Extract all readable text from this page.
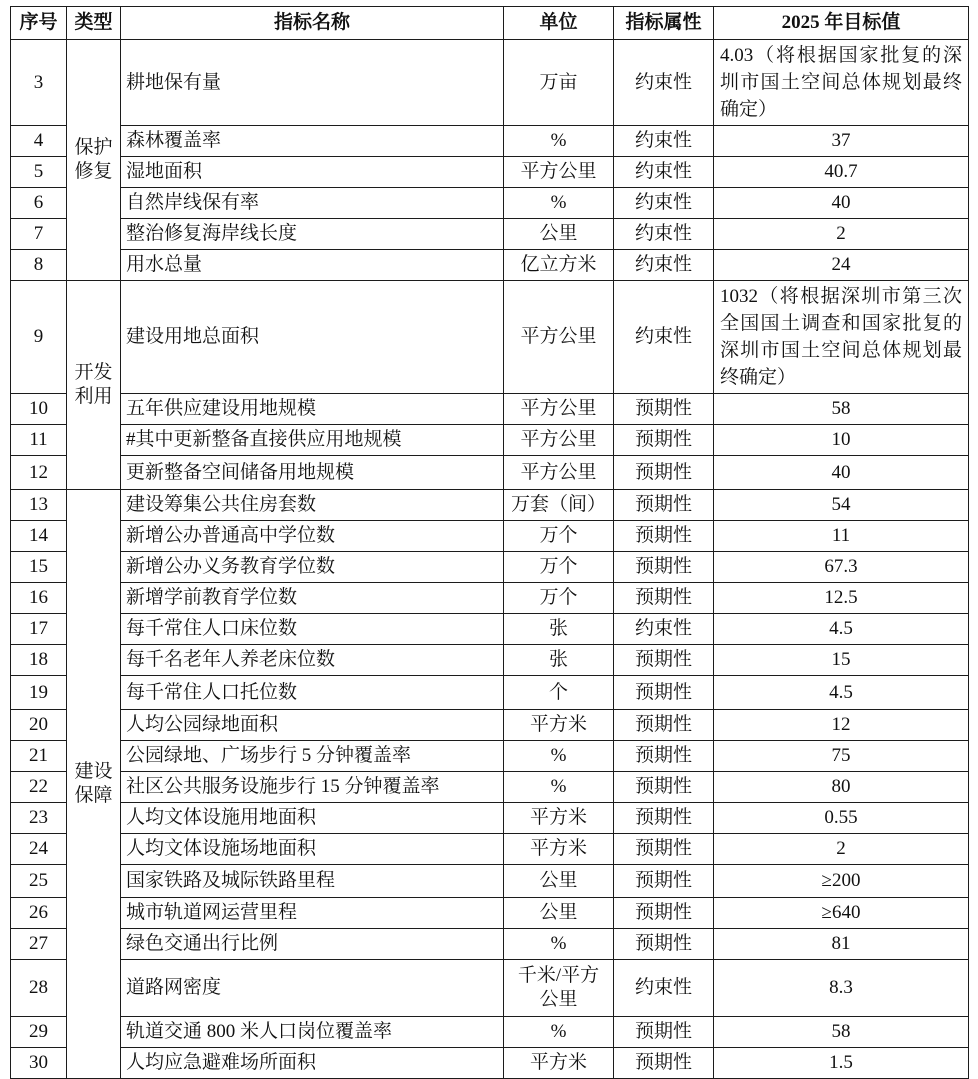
序号	类型	指标名称	单位	指标属性	2025 年目标值
3	保护修复	耕地保有量	万亩	约束性	4.03（将根据国家批复的深圳市国土空间总体规划最终确定）
4		森林覆盖率	%	约束性	37
5		湿地面积	平方公里	约束性	40.7
6		自然岸线保有率	%	约束性	40
7		整治修复海岸线长度	公里	约束性	2
8		用水总量	亿立方米	约束性	24
9	开发利用	建设用地总面积	平方公里	约束性	1032（将根据深圳市第三次全国国土调查和国家批复的深圳市国土空间总体规划最终确定）
10		五年供应建设用地规模	平方公里	预期性	58
11		#其中更新整备直接供应用地规模	平方公里	预期性	10
12		更新整备空间储备用地规模	平方公里	预期性	40
13	建设保障	建设筹集公共住房套数	万套（间）	预期性	54
14		新增公办普通高中学位数	万个	预期性	11
15		新增公办义务教育学位数	万个	预期性	67.3
16		新增学前教育学位数	万个	预期性	12.5
17		每千常住人口床位数	张	约束性	4.5
18		每千名老年人养老床位数	张	预期性	15
19		每千常住人口托位数	个	预期性	4.5
20		人均公园绿地面积	平方米	预期性	12
21		公园绿地、广场步行 5 分钟覆盖率	%	预期性	75
22		社区公共服务设施步行 15 分钟覆盖率	%	预期性	80
23		人均文体设施用地面积	平方米	预期性	0.55
24		人均文体设施场地面积	平方米	预期性	2
25		国家铁路及城际铁路里程	公里	预期性	≥200
26		城市轨道网运营里程	公里	预期性	≥640
27		绿色交通出行比例	%	预期性	81
28		道路网密度	千米/平方公里	约束性	8.3
29		轨道交通 800 米人口岗位覆盖率	%	预期性	58
30		人均应急避难场所面积	平方米	预期性	1.5
